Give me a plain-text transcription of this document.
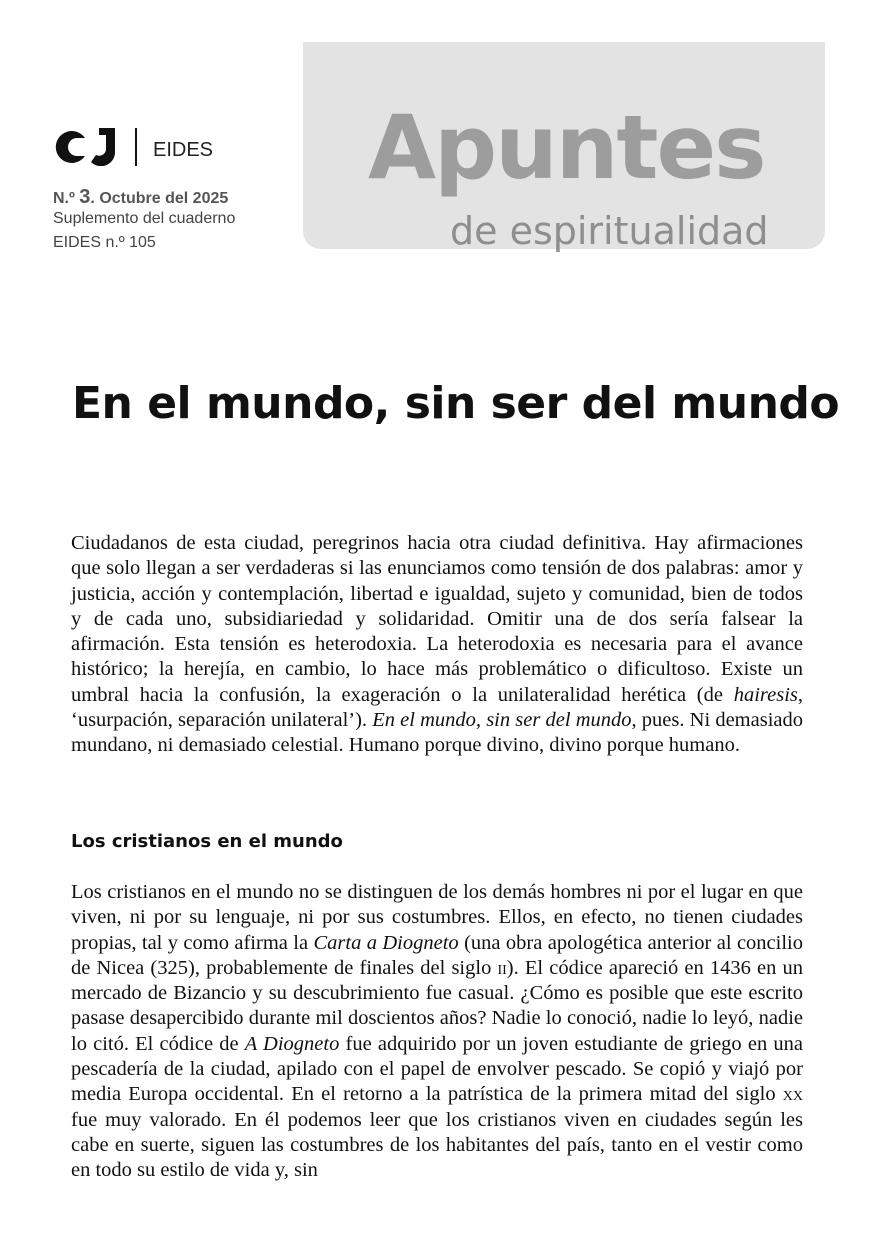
Apuntes
de espiritualidad
EIDES
N.º 3. Octubre del 2025
Suplemento del cuaderno
EIDES n.º 105
En el mundo, sin ser del mundo

Ciudadanos de esta ciudad, peregrinos hacia otra ciudad definitiva. Hay afirmaciones que solo llegan a ser verdaderas si las enunciamos como tensión de dos palabras: amor y justicia, acción y contemplación, libertad e igualdad, sujeto y comunidad, bien de todos y de cada uno, subsidiariedad y solidaridad. Omitir una de dos sería falsear la afirmación. Esta tensión es heterodoxia. La heterodoxia es necesaria para el avance histórico; la herejía, en cambio, lo hace más problemático o dificultoso. Existe un umbral hacia la confusión, la exageración o la unilateralidad herética (de hairesis, ‘usurpación, separación unilateral’). En el mundo, sin ser del mundo, pues. Ni demasiado mundano, ni demasiado celestial. Humano porque divino, divino porque humano.

Los cristianos en el mundo

Los cristianos en el mundo no se distinguen de los demás hombres ni por el lugar en que viven, ni por su lenguaje, ni por sus costumbres. Ellos, en efecto, no tienen ciudades propias, tal y como afirma la Carta a Diogneto (una obra apologética anterior al concilio de Nicea (325), probablemente de finales del siglo ii). El códice apareció en 1436 en un mercado de Bizancio y su descubrimiento fue casual. ¿Cómo es posible que este escrito pasase desapercibido durante mil doscientos años? Nadie lo conoció, nadie lo leyó, nadie lo citó. El códice de A Diogneto fue adquirido por un joven estudiante de griego en una pescadería de la ciudad, apilado con el papel de envolver pescado. Se copió y viajó por media Europa occidental. En el retorno a la patrística de la primera mitad del siglo xx fue muy valorado. En él podemos leer que los cristianos viven en ciudades según les cabe en suerte, siguen las costumbres de los habitantes del país, tanto en el vestir como en todo su estilo de vida y, sin
